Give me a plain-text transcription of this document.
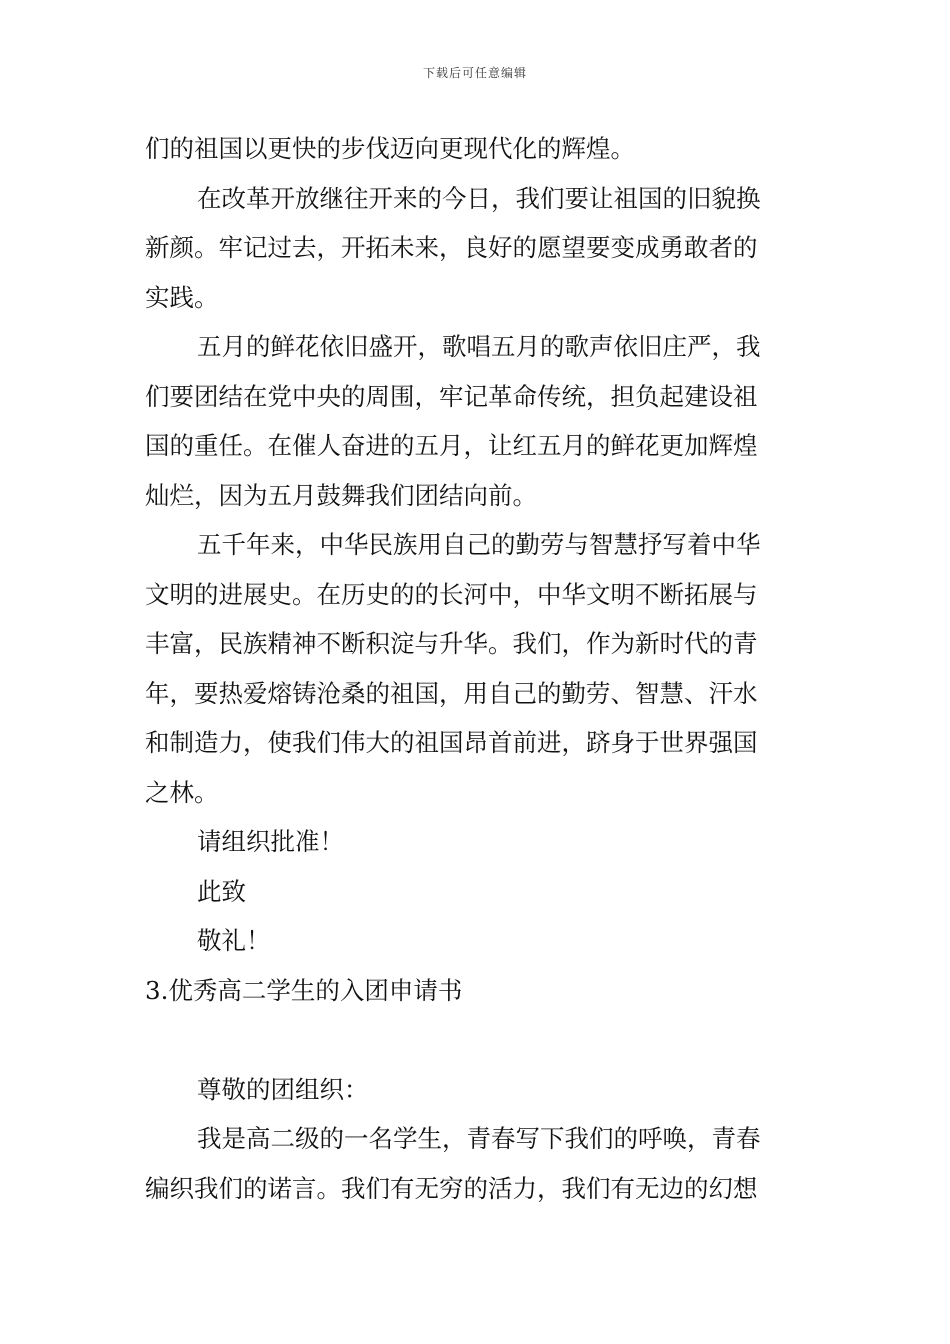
下载后可任意编辑
们的祖国以更快的步伐迈向更现代化的辉煌。
在改革开放继往开来的今日，我们要让祖国的旧貌换
新颜。牢记过去，开拓未来，良好的愿望要变成勇敢者的
实践。
五月的鲜花依旧盛开，歌唱五月的歌声依旧庄严，我
们要团结在党中央的周围，牢记革命传统，担负起建设祖
国的重任。在催人奋进的五月，让红五月的鲜花更加辉煌
灿烂，因为五月鼓舞我们团结向前。
五千年来，中华民族用自己的勤劳与智慧抒写着中华
文明的进展史。在历史的的长河中，中华文明不断拓展与
丰富，民族精神不断积淀与升华。我们，作为新时代的青
年，要热爱熔铸沧桑的祖国，用自己的勤劳、智慧、汗水
和制造力，使我们伟大的祖国昂首前进，跻身于世界强国
之林。
请组织批准！
此致
敬礼！
3.优秀高二学生的入团申请书
尊敬的团组织：
我是高二级的一名学生，青春写下我们的呼唤，青春
编织我们的诺言。我们有无穷的活力，我们有无边的幻想
